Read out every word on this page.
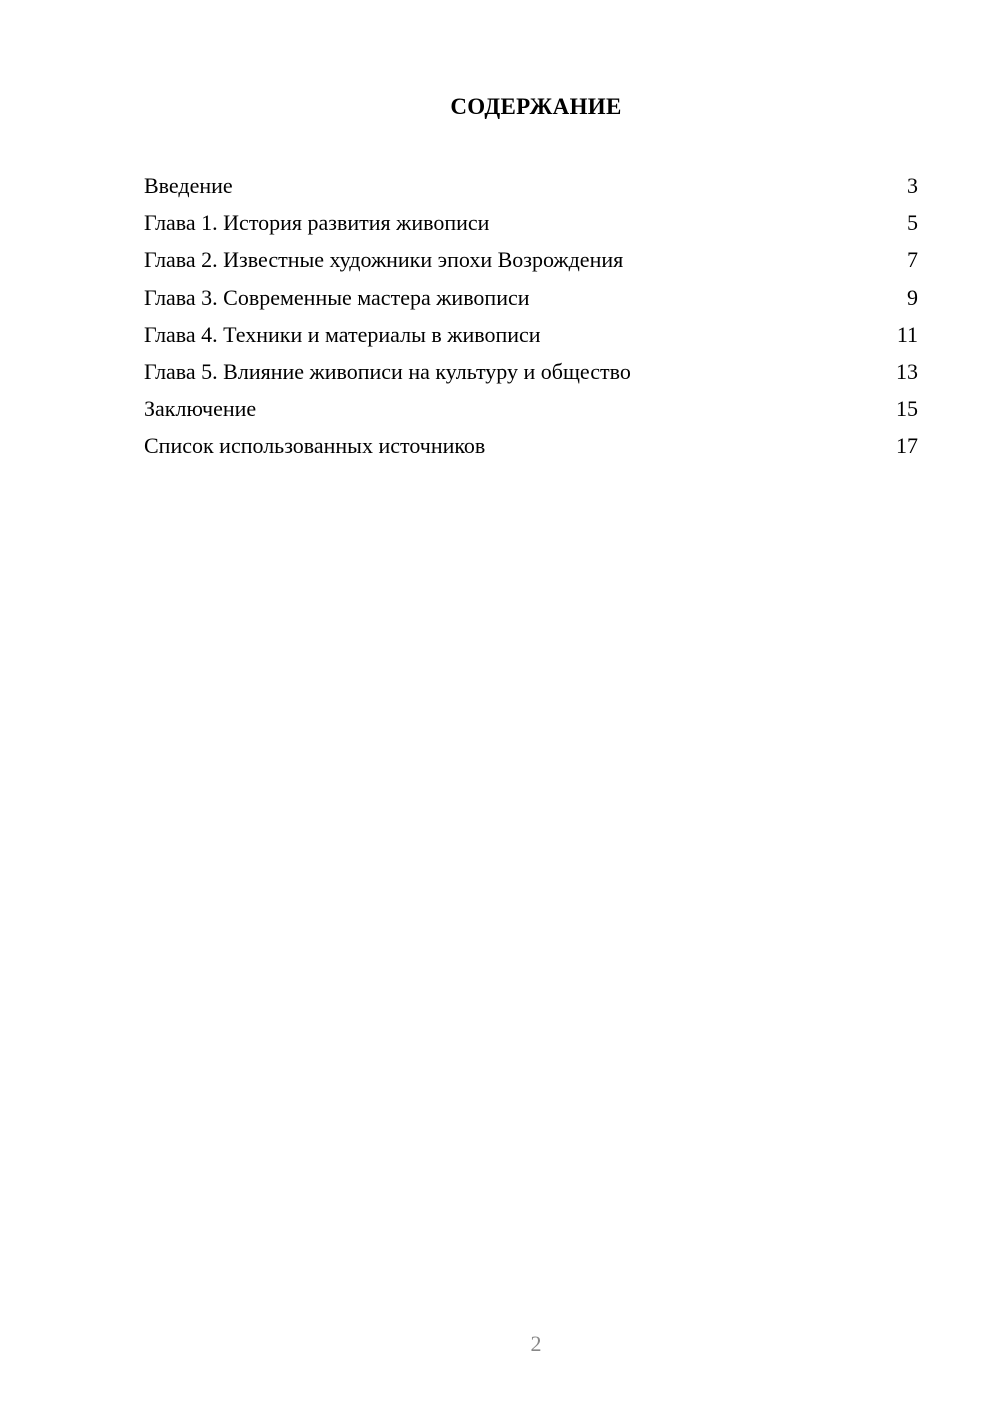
СОДЕРЖАНИЕ
Введение	3
Глава 1. История развития живописи	5
Глава 2. Известные художники эпохи Возрождения	7
Глава 3. Современные мастера живописи	9
Глава 4. Техники и материалы в живописи	11
Глава 5. Влияние живописи на культуру и общество	13
Заключение	15
Список использованных источников	17
2
